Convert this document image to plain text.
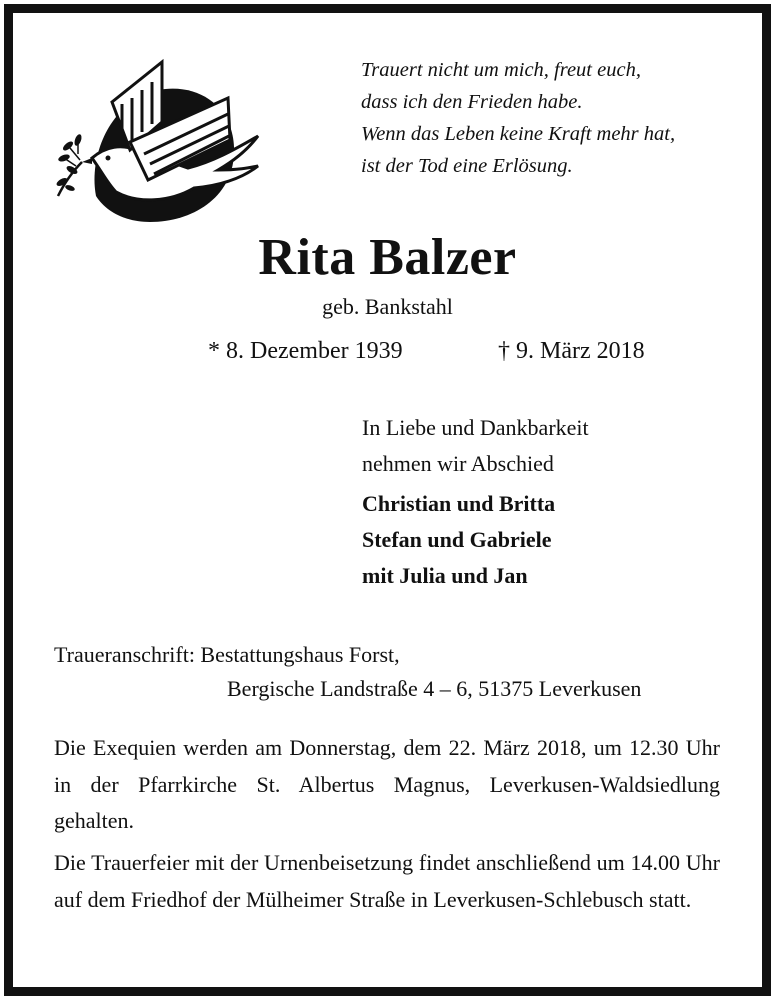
Trauert nicht um mich, freut euch,
dass ich den Frieden habe.
Wenn das Leben keine Kraft mehr hat,
ist der Tod eine Erlösung.
Rita Balzer
geb. Bankstahl
* 8. Dezember 1939	† 9. März 2018
In Liebe und Dankbarkeit
nehmen wir Abschied
Christian und Britta
Stefan und Gabriele
mit Julia und Jan
Traueranschrift: Bestattungshaus Forst,
Bergische Landstraße 4 – 6, 51375 Leverkusen
Die Exequien werden am Donnerstag, dem 22. März 2018, um 12.30 Uhr in der Pfarrkirche St. Albertus Magnus, Leverkusen-Waldsiedlung gehalten.
Die Trauerfeier mit der Urnenbeisetzung findet anschließend um 14.00 Uhr auf dem Friedhof der Mülheimer Straße in Leverkusen-Schlebusch statt.
